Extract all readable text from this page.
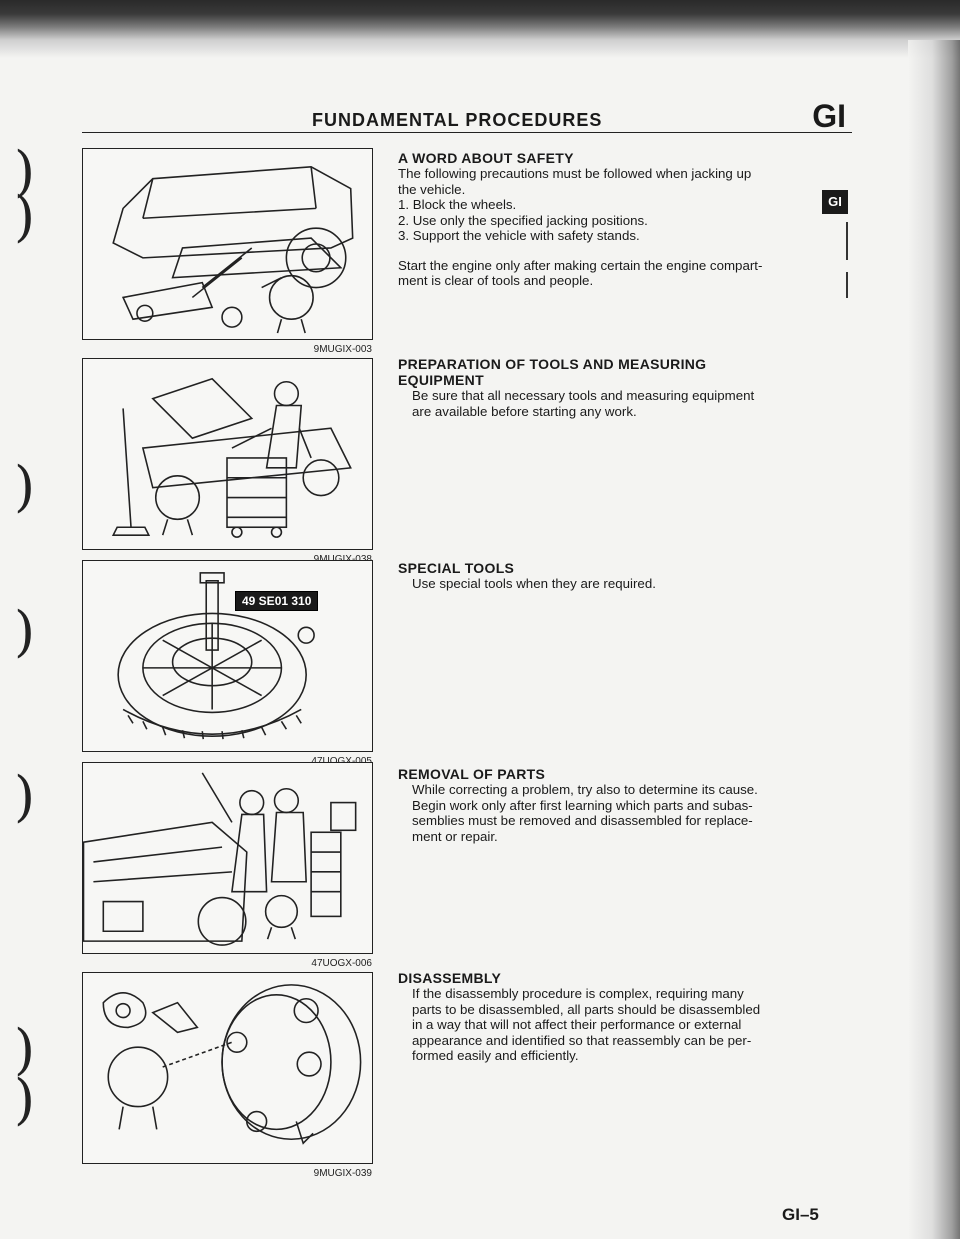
)
)
)
)
)
)
)
FUNDAMENTAL PROCEDURES	GI
GI
9MUGIX-003
49 SE01 310
47UOGX-006
9MUGIX-039
A WORD ABOUT SAFETY
The following precautions must be followed when jacking up
the vehicle.
1. Block the wheels.
2. Use only the specified jacking positions.
3. Support the vehicle with safety stands.
Start the engine only after making certain the engine compart-
ment is clear of tools and people.
PREPARATION OF TOOLS AND MEASURING
EQUIPMENT
Be sure that all necessary tools and measuring equipment
are available before starting any work.
SPECIAL TOOLS
Use special tools when they are required.
REMOVAL OF PARTS
While correcting a problem, try also to determine its cause.
Begin work only after first learning which parts and subas-
semblies must be removed and disassembled for replace-
ment or repair.
DISASSEMBLY
If the disassembly procedure is complex, requiring many
parts to be disassembled, all parts should be disassembled
in a way that will not affect their performance or external
appearance and identified so that reassembly can be per-
formed easily and efficiently.
GI–5
